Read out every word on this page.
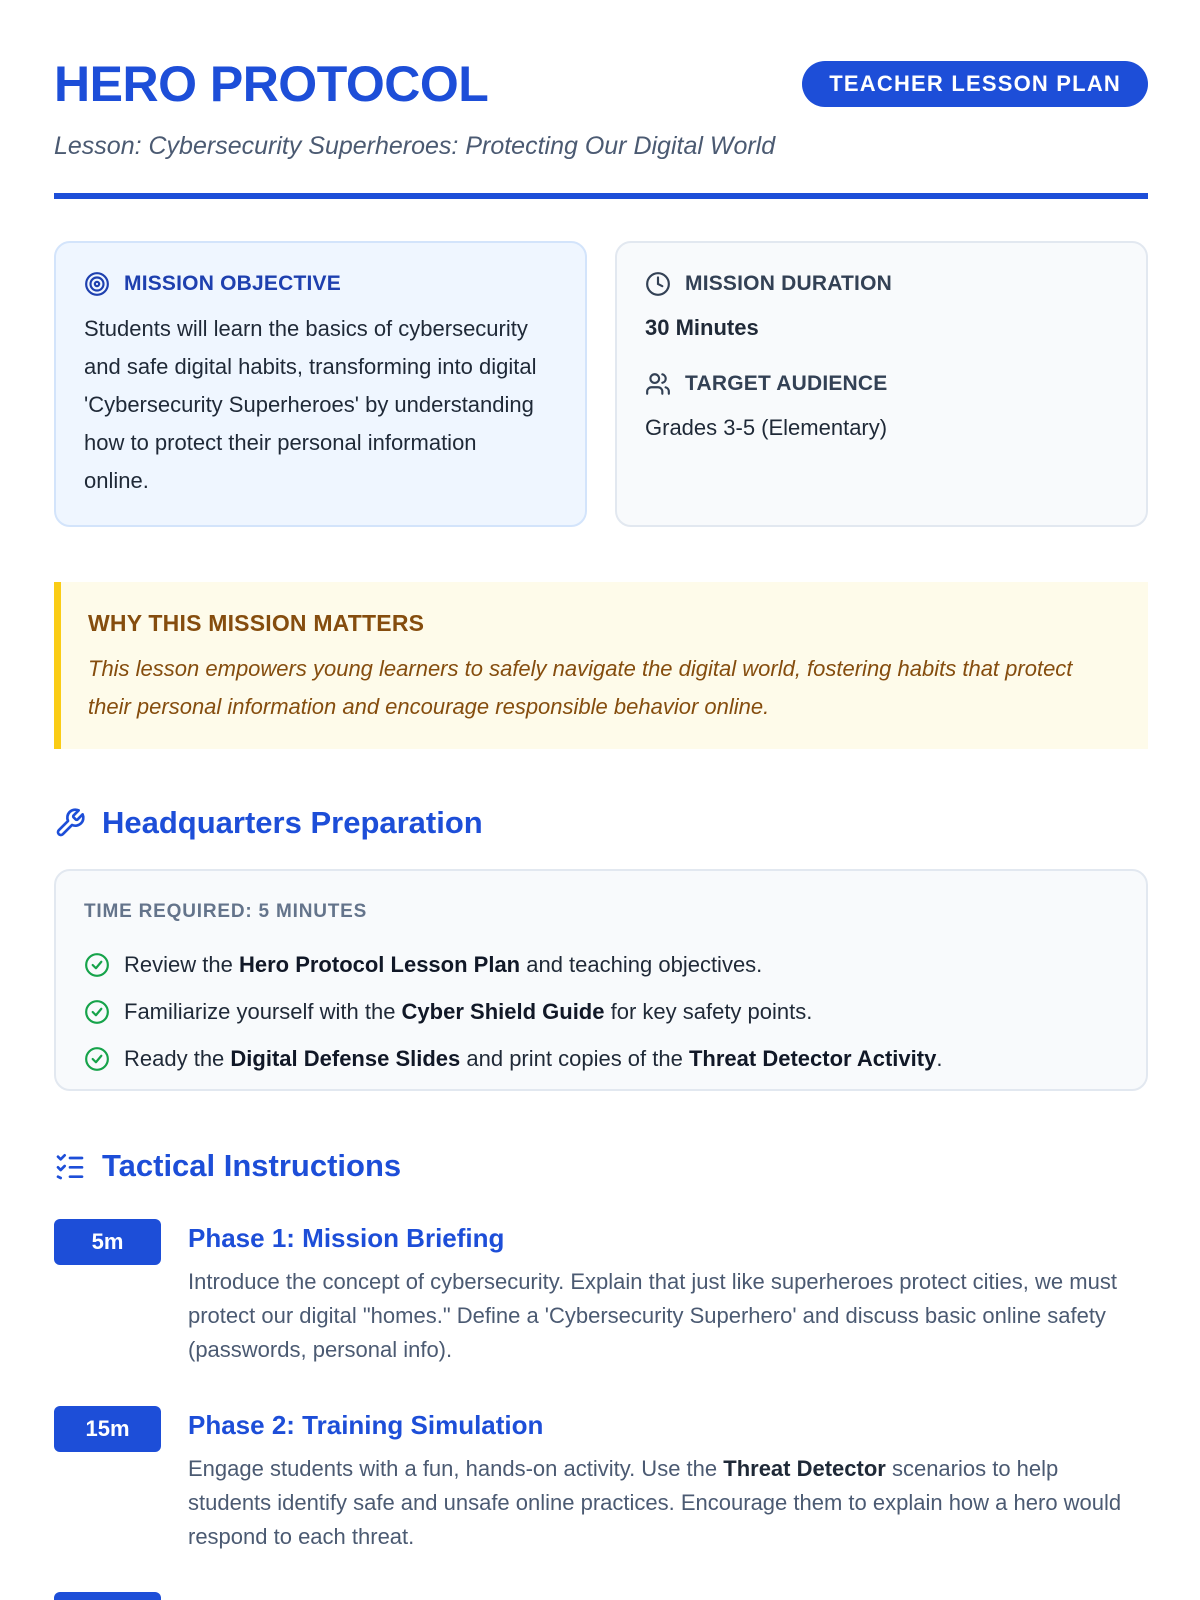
HERO PROTOCOL	TEACHER LESSON PLAN
Lesson: Cybersecurity Superheroes: Protecting Our Digital World
MISSION OBJECTIVE

Students will learn the basics of cybersecurity and safe digital habits, transforming into digital 'Cybersecurity Superheroes' by understanding how to protect their personal information online.

MISSION DURATION
30 Minutes
TARGET AUDIENCE
Grades 3-5 (Elementary)
WHY THIS MISSION MATTERS

This lesson empowers young learners to safely navigate the digital world, fostering habits that protect their personal information and encourage responsible behavior online.

Headquarters Preparation
TIME REQUIRED: 5 MINUTES
Review the Hero Protocol Lesson Plan and teaching objectives.
Familiarize yourself with the Cyber Shield Guide for key safety points.
Ready the Digital Defense Slides and print copies of the Threat Detector Activity.
Tactical Instructions
5m	Phase 1: Mission Briefing

Introduce the concept of cybersecurity. Explain that just like superheroes protect cities, we must protect our digital "homes." Define a 'Cybersecurity Superhero' and discuss basic online safety (passwords, personal info).

15m	Phase 2: Training Simulation

Engage students with a fun, hands-on activity. Use the Threat Detector scenarios to help students identify safe and unsafe online practices. Encourage them to explain how a hero would respond to each threat.
